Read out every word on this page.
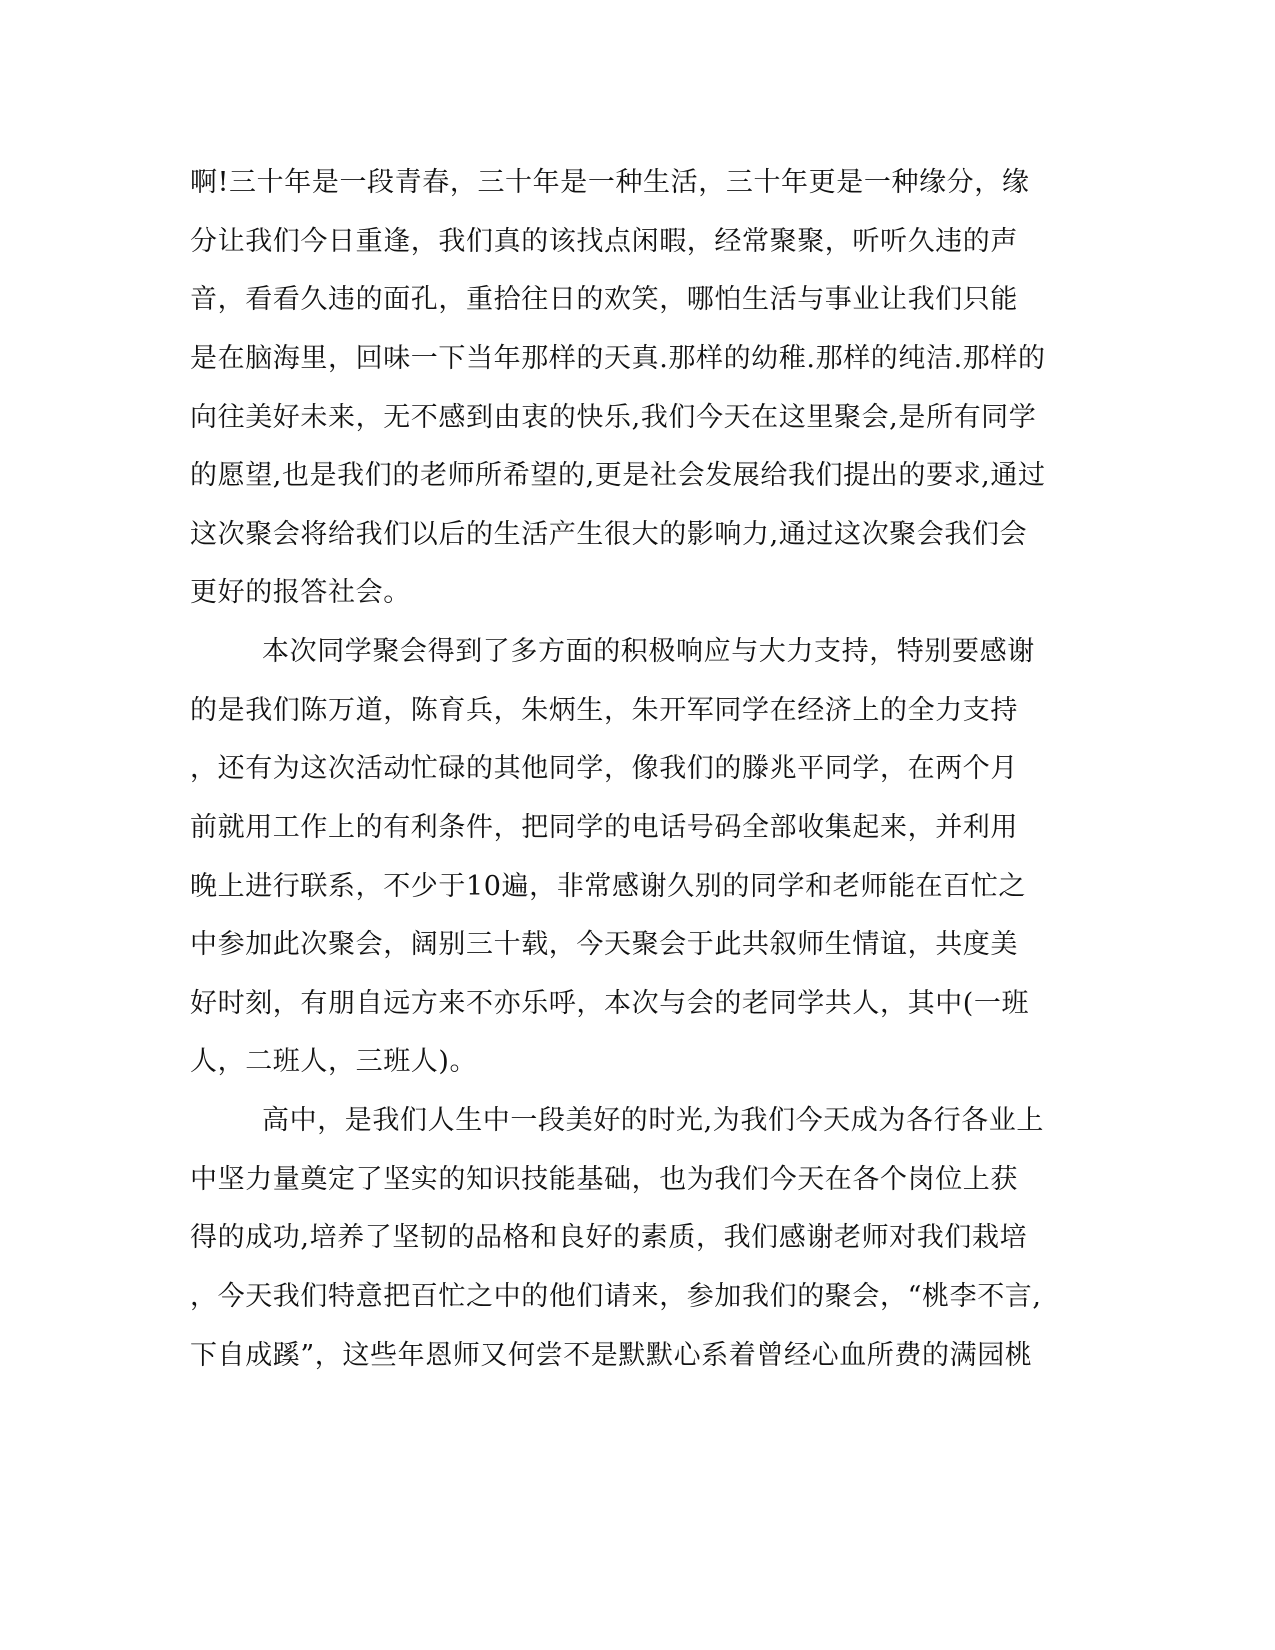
啊!三十年是一段青春，三十年是一种生活，三十年更是一种缘分，缘
分让我们今日重逢，我们真的该找点闲暇，经常聚聚，听听久违的声
音，看看久违的面孔，重拾往日的欢笑，哪怕生活与事业让我们只能
是在脑海里，回味一下当年那样的天真.那样的幼稚.那样的纯洁.那样的
向往美好未来，无不感到由衷的快乐,我们今天在这里聚会,是所有同学
的愿望,也是我们的老师所希望的,更是社会发展给我们提出的要求,通过
这次聚会将给我们以后的生活产生很大的影响力,通过这次聚会我们会
更好的报答社会。
本次同学聚会得到了多方面的积极响应与大力支持，特别要感谢
的是我们陈万道，陈育兵，朱炳生，朱开军同学在经济上的全力支持
，还有为这次活动忙碌的其他同学，像我们的滕兆平同学，在两个月
前就用工作上的有利条件，把同学的电话号码全部收集起来，并利用
晚上进行联系，不少于10遍，非常感谢久别的同学和老师能在百忙之
中参加此次聚会，阔别三十载，今天聚会于此共叙师生情谊，共度美
好时刻，有朋自远方来不亦乐呼，本次与会的老同学共人，其中(一班
人，二班人，三班人)。
高中，是我们人生中一段美好的时光,为我们今天成为各行各业上
中坚力量奠定了坚实的知识技能基础，也为我们今天在各个岗位上获
得的成功,培养了坚韧的品格和良好的素质，我们感谢老师对我们栽培
，今天我们特意把百忙之中的他们请来，参加我们的聚会，“桃李不言,
下自成蹊”，这些年恩师又何尝不是默默心系着曾经心血所费的满园桃
